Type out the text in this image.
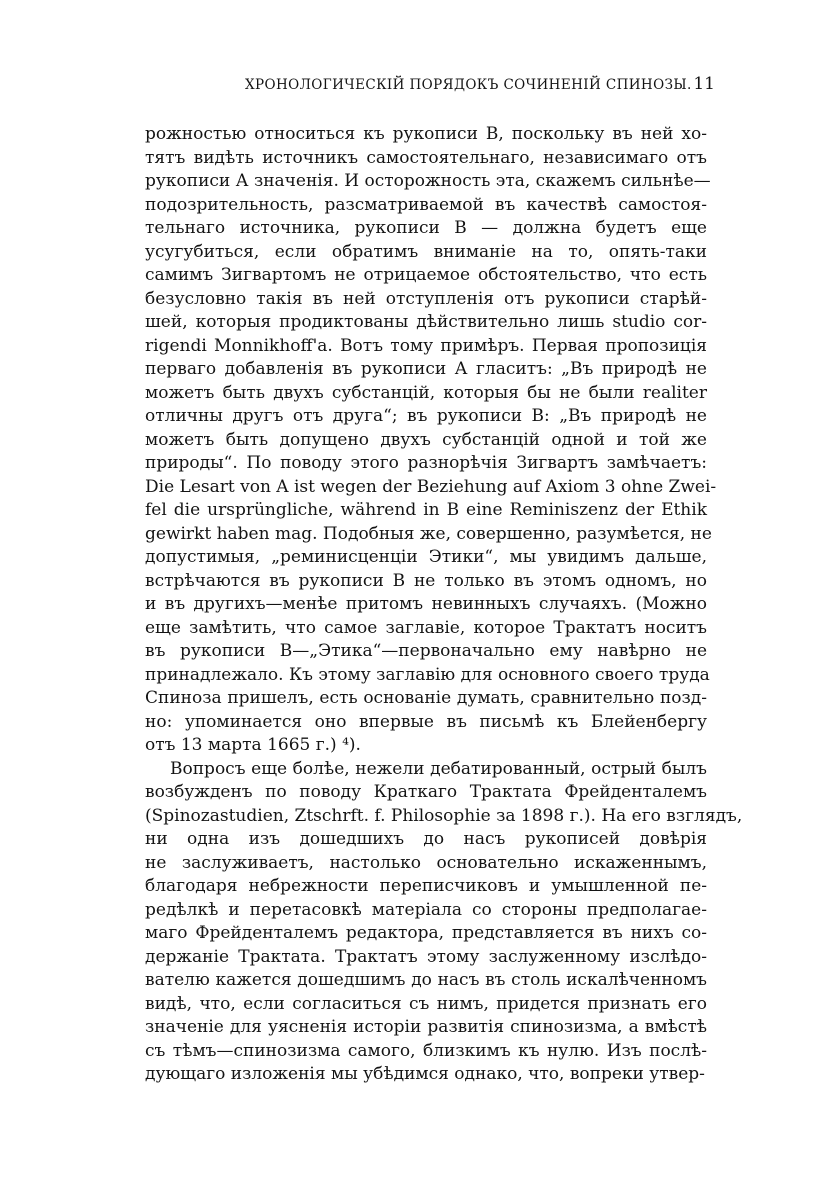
ХРОНОЛОГИЧЕСКІЙ ПОРЯДОКЪ СОЧИНЕНІЙ СПИНОЗЫ. 11
рожностью относиться къ рукописи В, поскольку въ ней хо-
тятъ видѣть источникъ самостоятельнаго, независимаго отъ
рукописи А значенія. И осторожность эта, скажемъ сильнѣе—
подозрительность, разсматриваемой въ качествѣ самостоя-
тельнаго источника, рукописи В — должна будетъ еще
усугубиться, если обратимъ вниманіе на то, опять-таки
самимъ Зигвартомъ не отрицаемое обстоятельство, что есть
безусловно такія въ ней отступленія отъ рукописи старѣй-
шей, которыя продиктованы дѣйствительно лишь studio cor-
rigendi Monnikhoff'a. Вотъ тому примѣръ. Первая пропозиція
перваго добавленія въ рукописи А гласитъ: „Въ природѣ не
можетъ быть двухъ субстанцій, которыя бы не были realiter
отличны другъ отъ друга“; въ рукописи В: „Въ природѣ не
можетъ быть допущено двухъ субстанцій одной и той же
природы“. По поводу этого разнорѣчія Зигвартъ замѣчаетъ:
Die Lesart von A ist wegen der Beziehung auf Axiom 3 ohne Zwei-
fel die ursprüngliche, während in B eine Reminiszenz der Ethik
gewirkt haben mag. Подобныя же, совершенно, разумѣется, не
допустимыя, „реминисценціи Этики“, мы увидимъ дальше,
встрѣчаются въ рукописи В не только въ этомъ одномъ, но
и въ другихъ—менѣе притомъ невинныхъ случаяхъ. (Можно
еще замѣтить, что самое заглавіе, которое Трактатъ носитъ
въ рукописи В—„Этика“—первоначально ему навѣрно не
принадлежало. Къ этому заглавію для основного своего труда
Спиноза пришелъ, есть основаніе думать, сравнительно позд-
но: упоминается оно впервые въ письмѣ къ Блейенбергу
отъ 13 марта 1665 г.) ⁴).
Вопросъ еще болѣе, нежели дебатированный, острый былъ
возбужденъ по поводу Краткаго Трактата Фрейденталемъ
(Spinozastudien, Ztschrft. f. Philosophie за 1898 г.). На его взглядъ,
ни одна изъ дошедшихъ до насъ рукописей довѣрія
не заслуживаетъ, настолько основательно искаженнымъ,
благодаря небрежности переписчиковъ и умышленной пе-
редѣлкѣ и перетасовкѣ матеріала со стороны предполагае-
маго Фрейденталемъ редактора, представляется въ нихъ со-
держаніе Трактата. Трактатъ этому заслуженному изслѣдо-
вателю кажется дошедшимъ до насъ въ столь искалѣченномъ
видѣ, что, если согласиться съ нимъ, придется признать его
значеніе для уясненія исторіи развитія спинозизма, а вмѣстѣ
съ тѣмъ—спинозизма самого, близкимъ къ нулю. Изъ послѣ-
дующаго изложенія мы убѣдимся однако, что, вопреки утвер-
